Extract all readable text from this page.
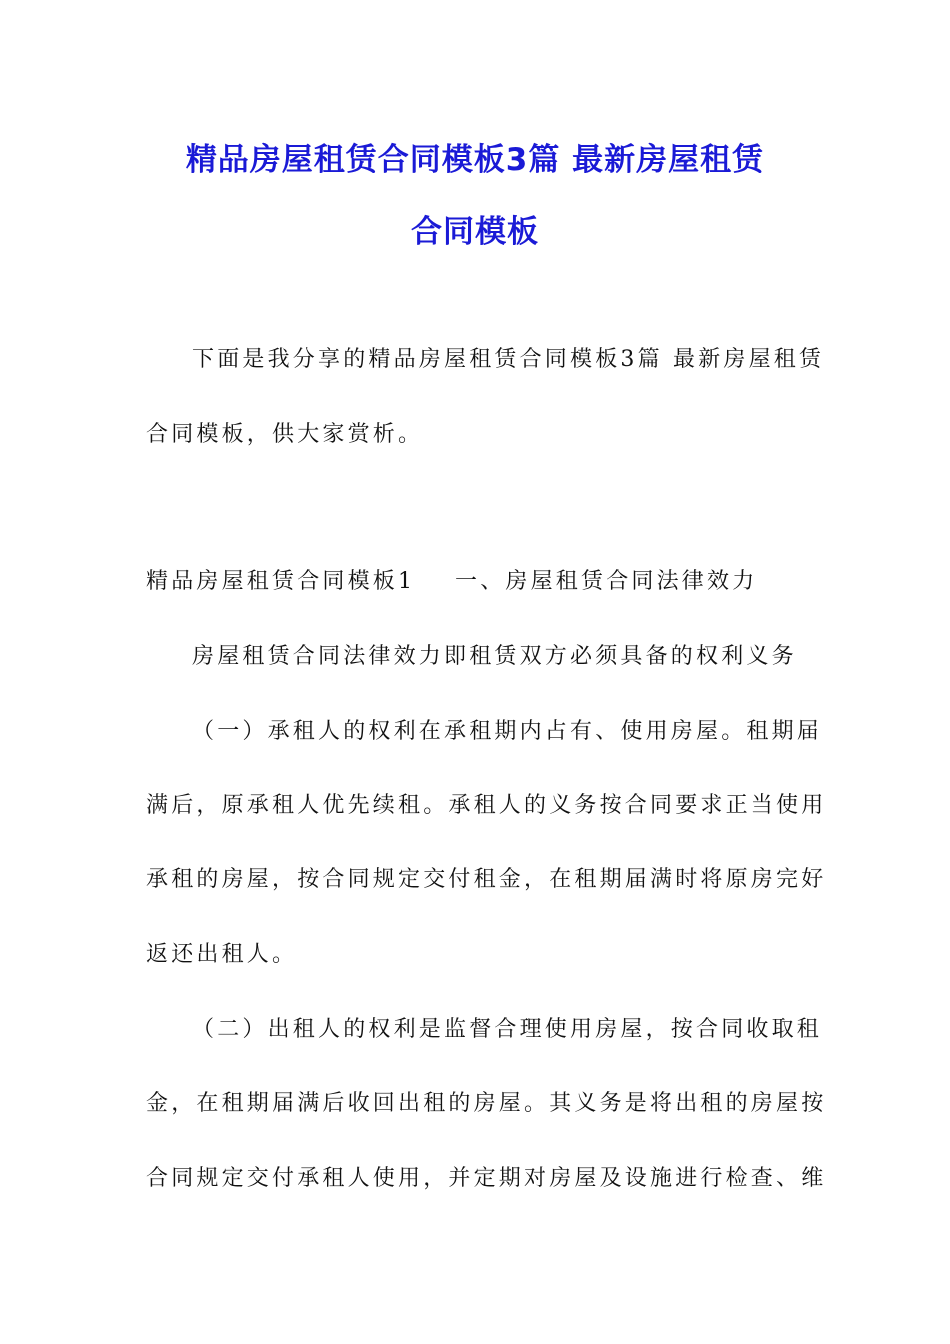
精品房屋租赁合同模板3篇 最新房屋租赁
合同模板
下面是我分享的精品房屋租赁合同模板3篇 最新房屋租赁
合同模板，供大家赏析。
精品房屋租赁合同模板1 一、房屋租赁合同法律效力
房屋租赁合同法律效力即租赁双方必须具备的权利义务
（一）承租人的权利在承租期内占有、使用房屋。租期届
满后，原承租人优先续租。承租人的义务按合同要求正当使用
承租的房屋，按合同规定交付租金，在租期届满时将原房完好
返还出租人。
（二）出租人的权利是监督合理使用房屋，按合同收取租
金，在租期届满后收回出租的房屋。其义务是将出租的房屋按
合同规定交付承租人使用，并定期对房屋及设施进行检查、维
